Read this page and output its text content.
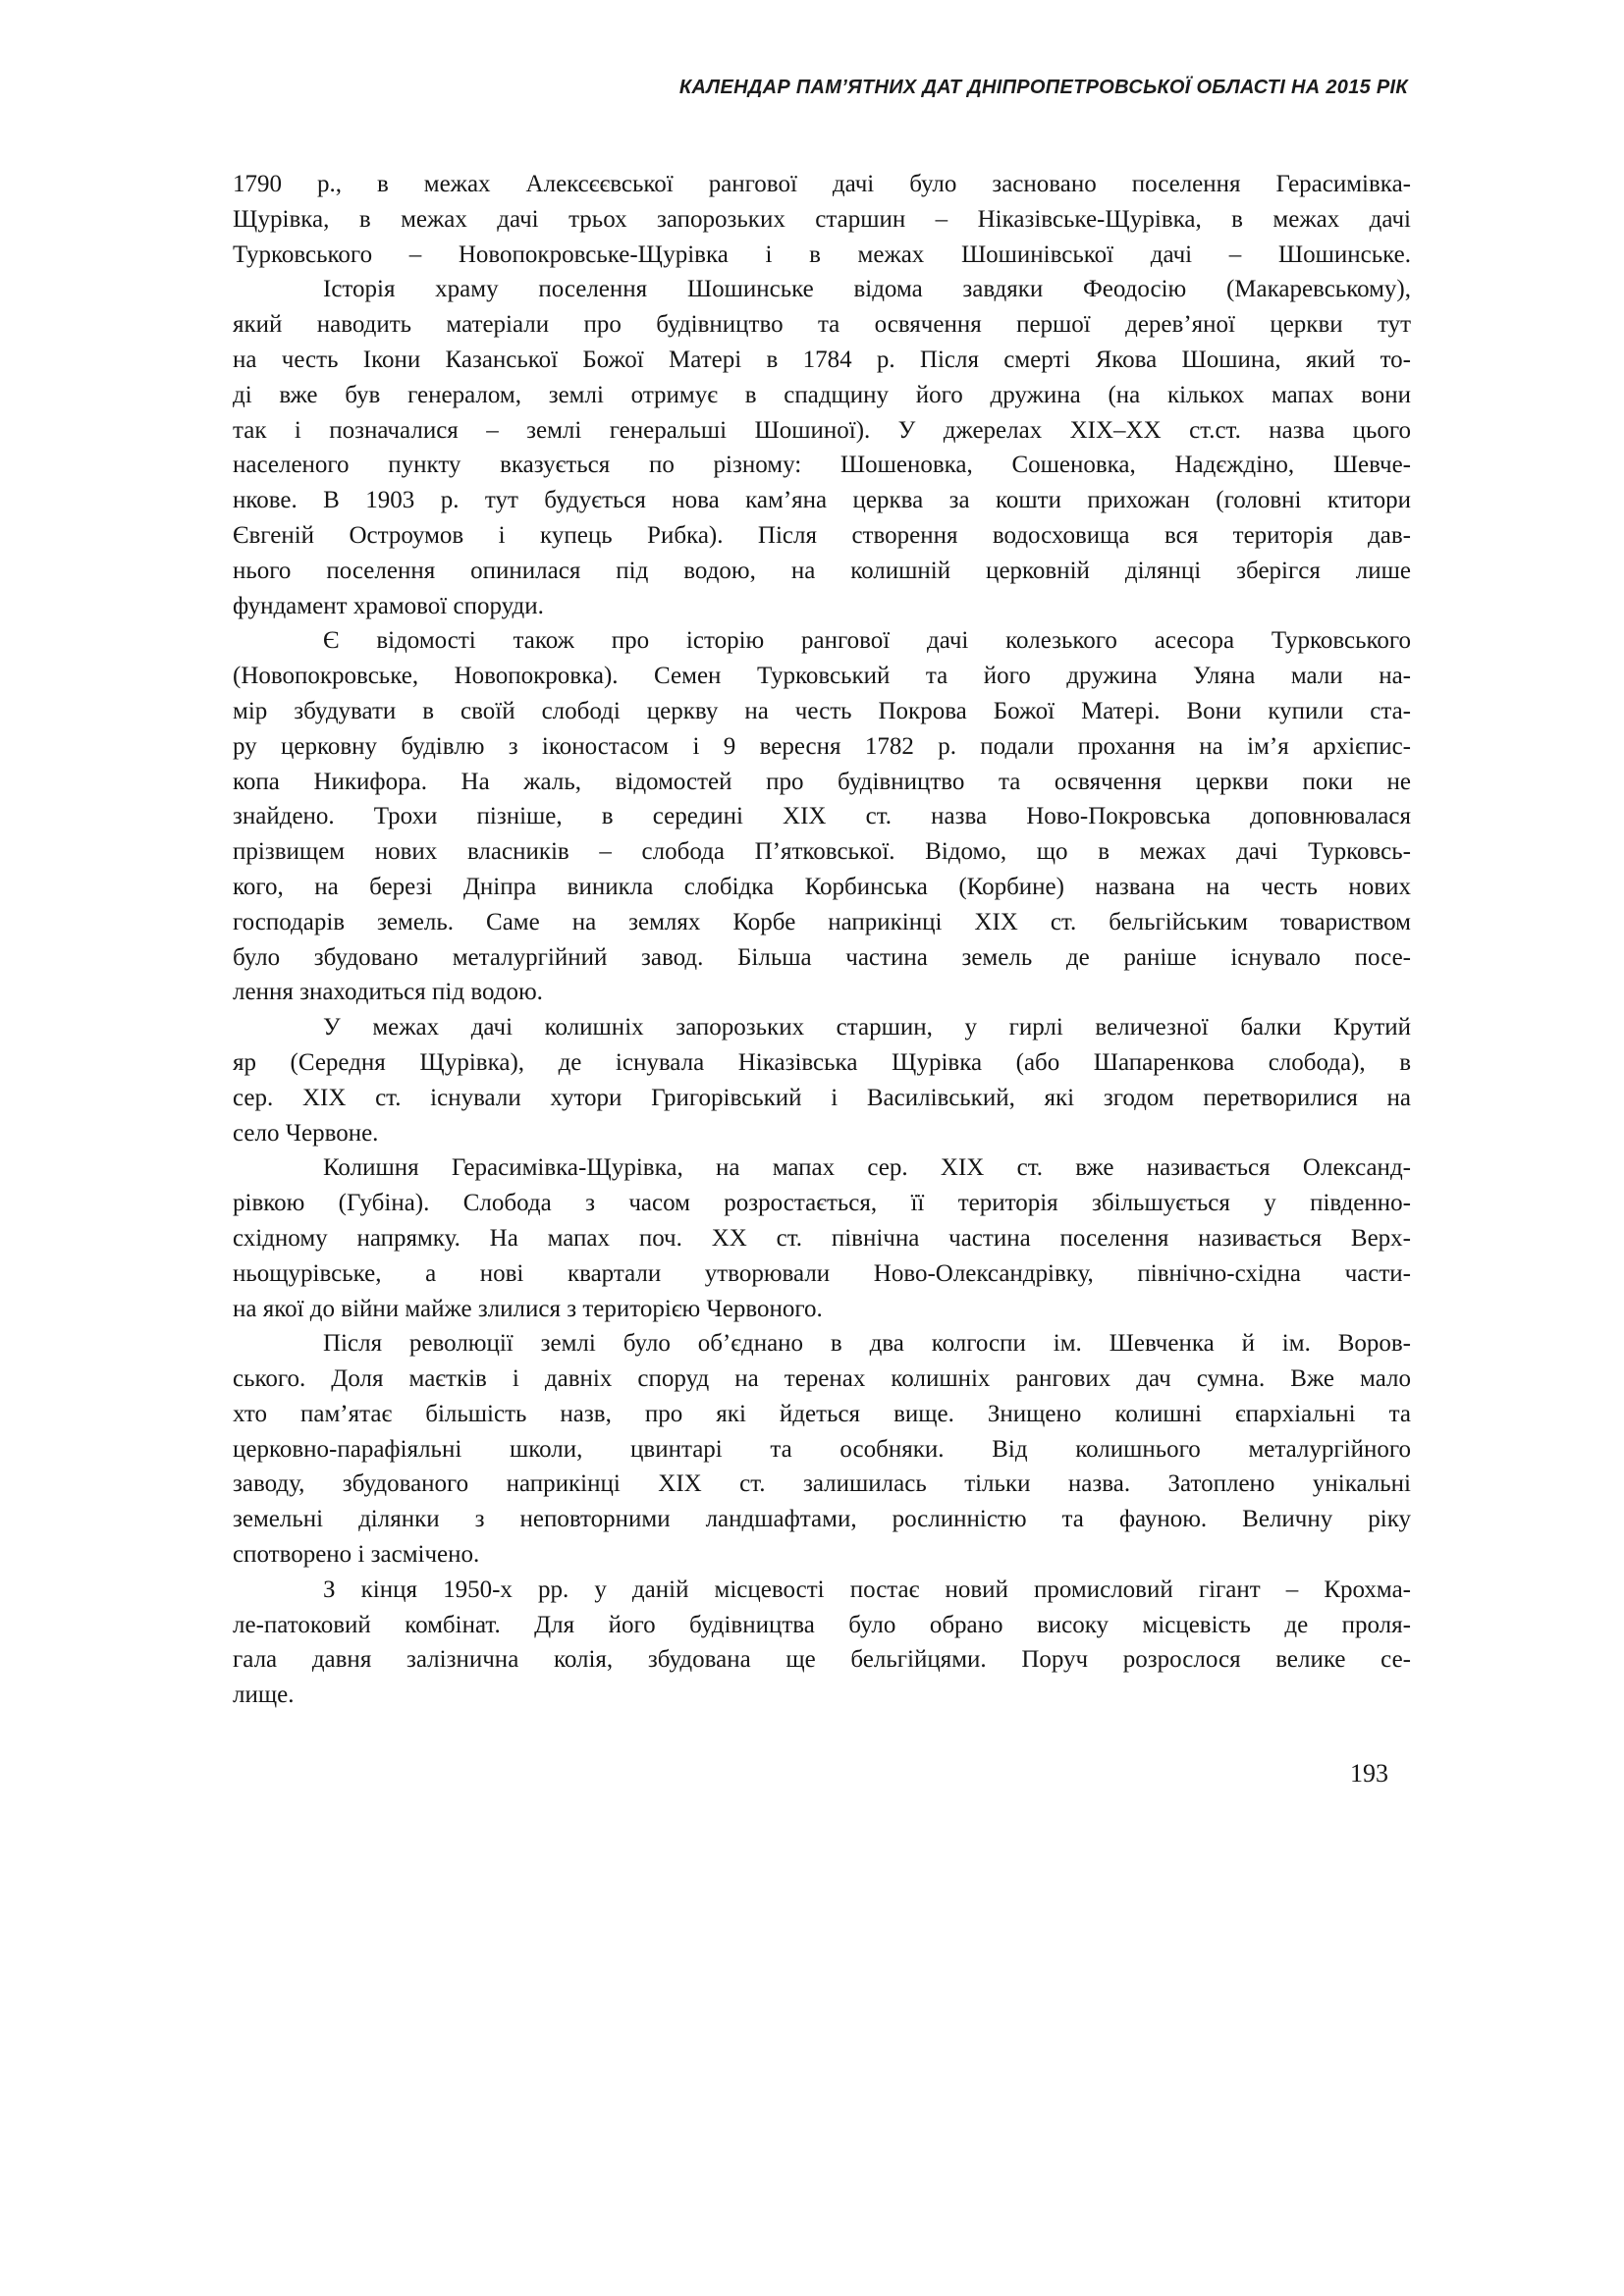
КАЛЕНДАР ПАМ’ЯТНИХ ДАТ ДНІПРОПЕТРОВСЬКОЇ ОБЛАСТІ НА 2015 РІК
1790 р., в межах Алексєєвської рангової дачі було засновано поселення Герасимівка-
Щурівка, в межах дачі трьох запорозьких старшин – Ніказівське-Щурівка, в межах дачі
Турковського – Новопокровське-Щурівка і в межах Шошинівської дачі – Шошинське.
Історія храму поселення Шошинське відома завдяки Феодосію (Макаревському),
який наводить матеріали про будівництво та освячення першої дерев’яної церкви тут
на честь Ікони Казанської Божої Матері в 1784 р. Після смерті Якова Шошина, який то-
ді вже був генералом, землі отримує в спадщину його дружина (на кількох мапах вони
так і позначалися – землі генеральші Шошиної). У джерелах XIX–XX ст.ст. назва цього
населеного пункту вказується по різному: Шошеновка, Сошеновка, Надєждіно, Шевче-
нкове. В 1903 р. тут будується нова кам’яна церква за кошти прихожан (головні ктитори
Євгеній Остроумов і купець Рибка). Після створення водосховища вся територія дав-
нього поселення опинилася під водою, на колишній церковній ділянці зберігся лише
фундамент храмової споруди.
Є відомості також про історію рангової дачі колезького асесора Турковського
(Новопокровське, Новопокровка). Семен Турковський та його дружина Уляна мали на-
мір збудувати в своїй слободі церкву на честь Покрова Божої Матері. Вони купили ста-
ру церковну будівлю з іконостасом і 9 вересня 1782 р. подали прохання на ім’я архієпис-
копа Никифора. На жаль, відомостей про будівництво та освячення церкви поки не
знайдено. Трохи пізніше, в середині XIX ст. назва Ново-Покровська доповнювалася
прізвищем нових власників – слобода П’ятковської. Відомо, що в межах дачі Турковсь-
кого, на березі Дніпра виникла слобідка Корбинська (Корбине) названа на честь нових
господарів земель. Саме на землях Корбе наприкінці XIX ст. бельгійським товариством
було збудовано металургійний завод. Більша частина земель де раніше існувало посе-
лення знаходиться під водою.
У межах дачі колишніх запорозьких старшин, у гирлі величезної балки Крутий
яр (Середня Щурівка), де існувала Ніказівська Щурівка (або Шапаренкова слобода), в
сер. XIX ст. існували хутори Григорівський і Василівський, які згодом перетворилися на
село Червоне.
Колишня Герасимівка-Щурівка, на мапах сер. XIX ст. вже називається Олександ-
рівкою (Губіна). Слобода з часом розростається, її територія збільшується у південно-
східному напрямку. На мапах поч. XX ст. північна частина поселення називається Верх-
ньощурівське, а нові квартали утворювали Ново-Олександрівку, північно-східна части-
на якої до війни майже злилися з територією Червоного.
Після революції землі було об’єднано в два колгоспи ім. Шевченка й ім. Воров-
ського. Доля маєтків і давніх споруд на теренах колишніх рангових дач сумна. Вже мало
хто пам’ятає більшість назв, про які йдеться вище. Знищено колишні єпархіальні та
церковно-парафіяльні школи, цвинтарі та особняки. Від колишнього металургійного
заводу, збудованого наприкінці XIX ст. залишилась тільки назва. Затоплено унікальні
земельні ділянки з неповторними ландшафтами, рослинністю та фауною. Величну ріку
спотворено і засмічено.
З кінця 1950-х рр. у даній місцевості постає новий промисловий гігант – Крохма-
ле-патоковий комбінат. Для його будівництва було обрано високу місцевість де проля-
гала давня залізнична колія, збудована ще бельгійцями. Поруч розрослося велике се-
лище.
193
